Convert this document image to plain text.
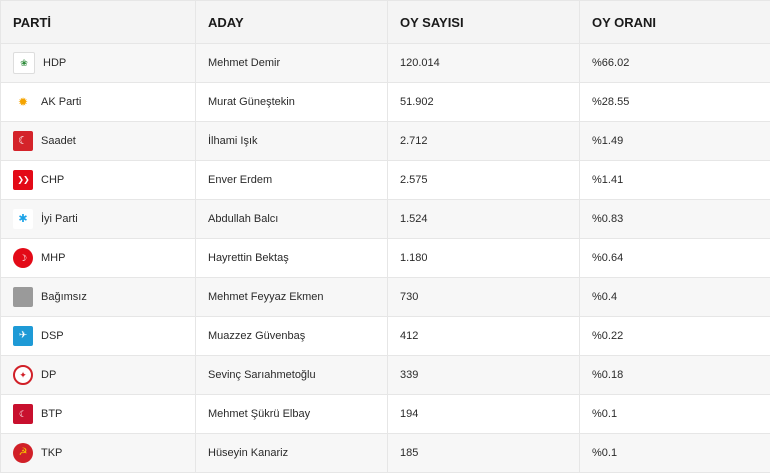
PARTİ	ADAY	OY SAYISI	OY ORANI

❀ HDP	Mehmet Demir	120.014	%66.02

✹ AK Parti	Murat Güneştekin	51.902	%28.55

☾ Saadet	İlhami Işık	2.712	%1.49

❯❯ CHP	Enver Erdem	2.575	%1.41

✱ İyi Parti	Abdullah Balcı	1.524	%0.83

☽ MHP	Hayrettin Bektaş	1.180	%0.64

Bağımsız	Mehmet Feyyaz Ekmen	730	%0.4

✈ DSP	Muazzez Güvenbaş	412	%0.22

✦ DP	Sevinç Sarıahmetoğlu	339	%0.18

☾ BTP	Mehmet Şükrü Elbay	194	%0.1

☭ TKP	Hüseyin Kanariz	185	%0.1
